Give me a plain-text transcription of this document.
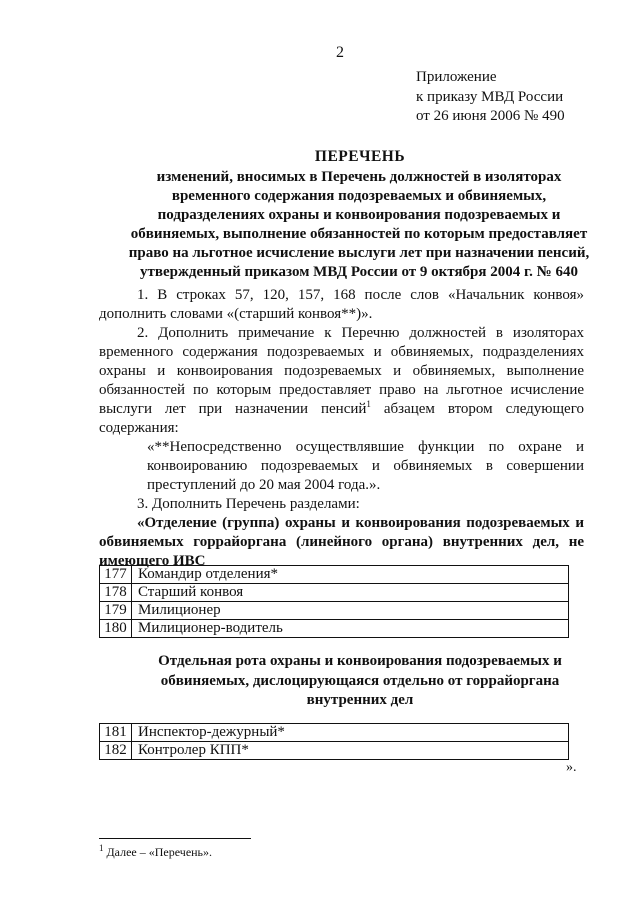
2
Приложение
к приказу МВД России
от 26 июня 2006 № 490
ПЕРЕЧЕНЬ
изменений, вносимых в Перечень должностей в изоляторах
временного содержания подозреваемых и обвиняемых,
подразделениях охраны и конвоирования подозреваемых и
обвиняемых, выполнение обязанностей по которым предоставляет
право на льготное исчисление выслуги лет при назначении пенсий,
утвержденный приказом МВД России от 9 октября 2004 г. № 640

1. В строках 57, 120, 157, 168 после слов «Начальник конвоя» дополнить словами «(старший конвоя**)».

2. Дополнить примечание к Перечню должностей в изоляторах временного содержания подозреваемых и обвиняемых, подразделениях охраны и конвоирования подозреваемых и обвиняемых, выполнение обязанностей по которым предоставляет право на льготное исчисление выслуги лет при назначении пенсий$^1$ абзацем втором следующего содержания:

«**Непосредственно осуществлявшие функции по охране и конвоированию подозреваемых и обвиняемых в совершении преступлений до 20 мая 2004 года.».

3. Дополнить Перечень разделами:

«Отделение (группа) охраны и конвоирования подозреваемых и обвиняемых горрайоргана (линейного органа) внутренних дел, не имеющего ИВС

177	Командир отделения*
178	Старший конвоя
179	Милиционер
180	Милиционер-водитель
Отдельная рота охраны и конвоирования подозреваемых и обвиняемых, дислоцирующаяся отдельно от горрайоргана внутренних дел
181	Инспектор-дежурный*
182	Контролер КПП*
».
$^1$ Далее – «Перечень».
